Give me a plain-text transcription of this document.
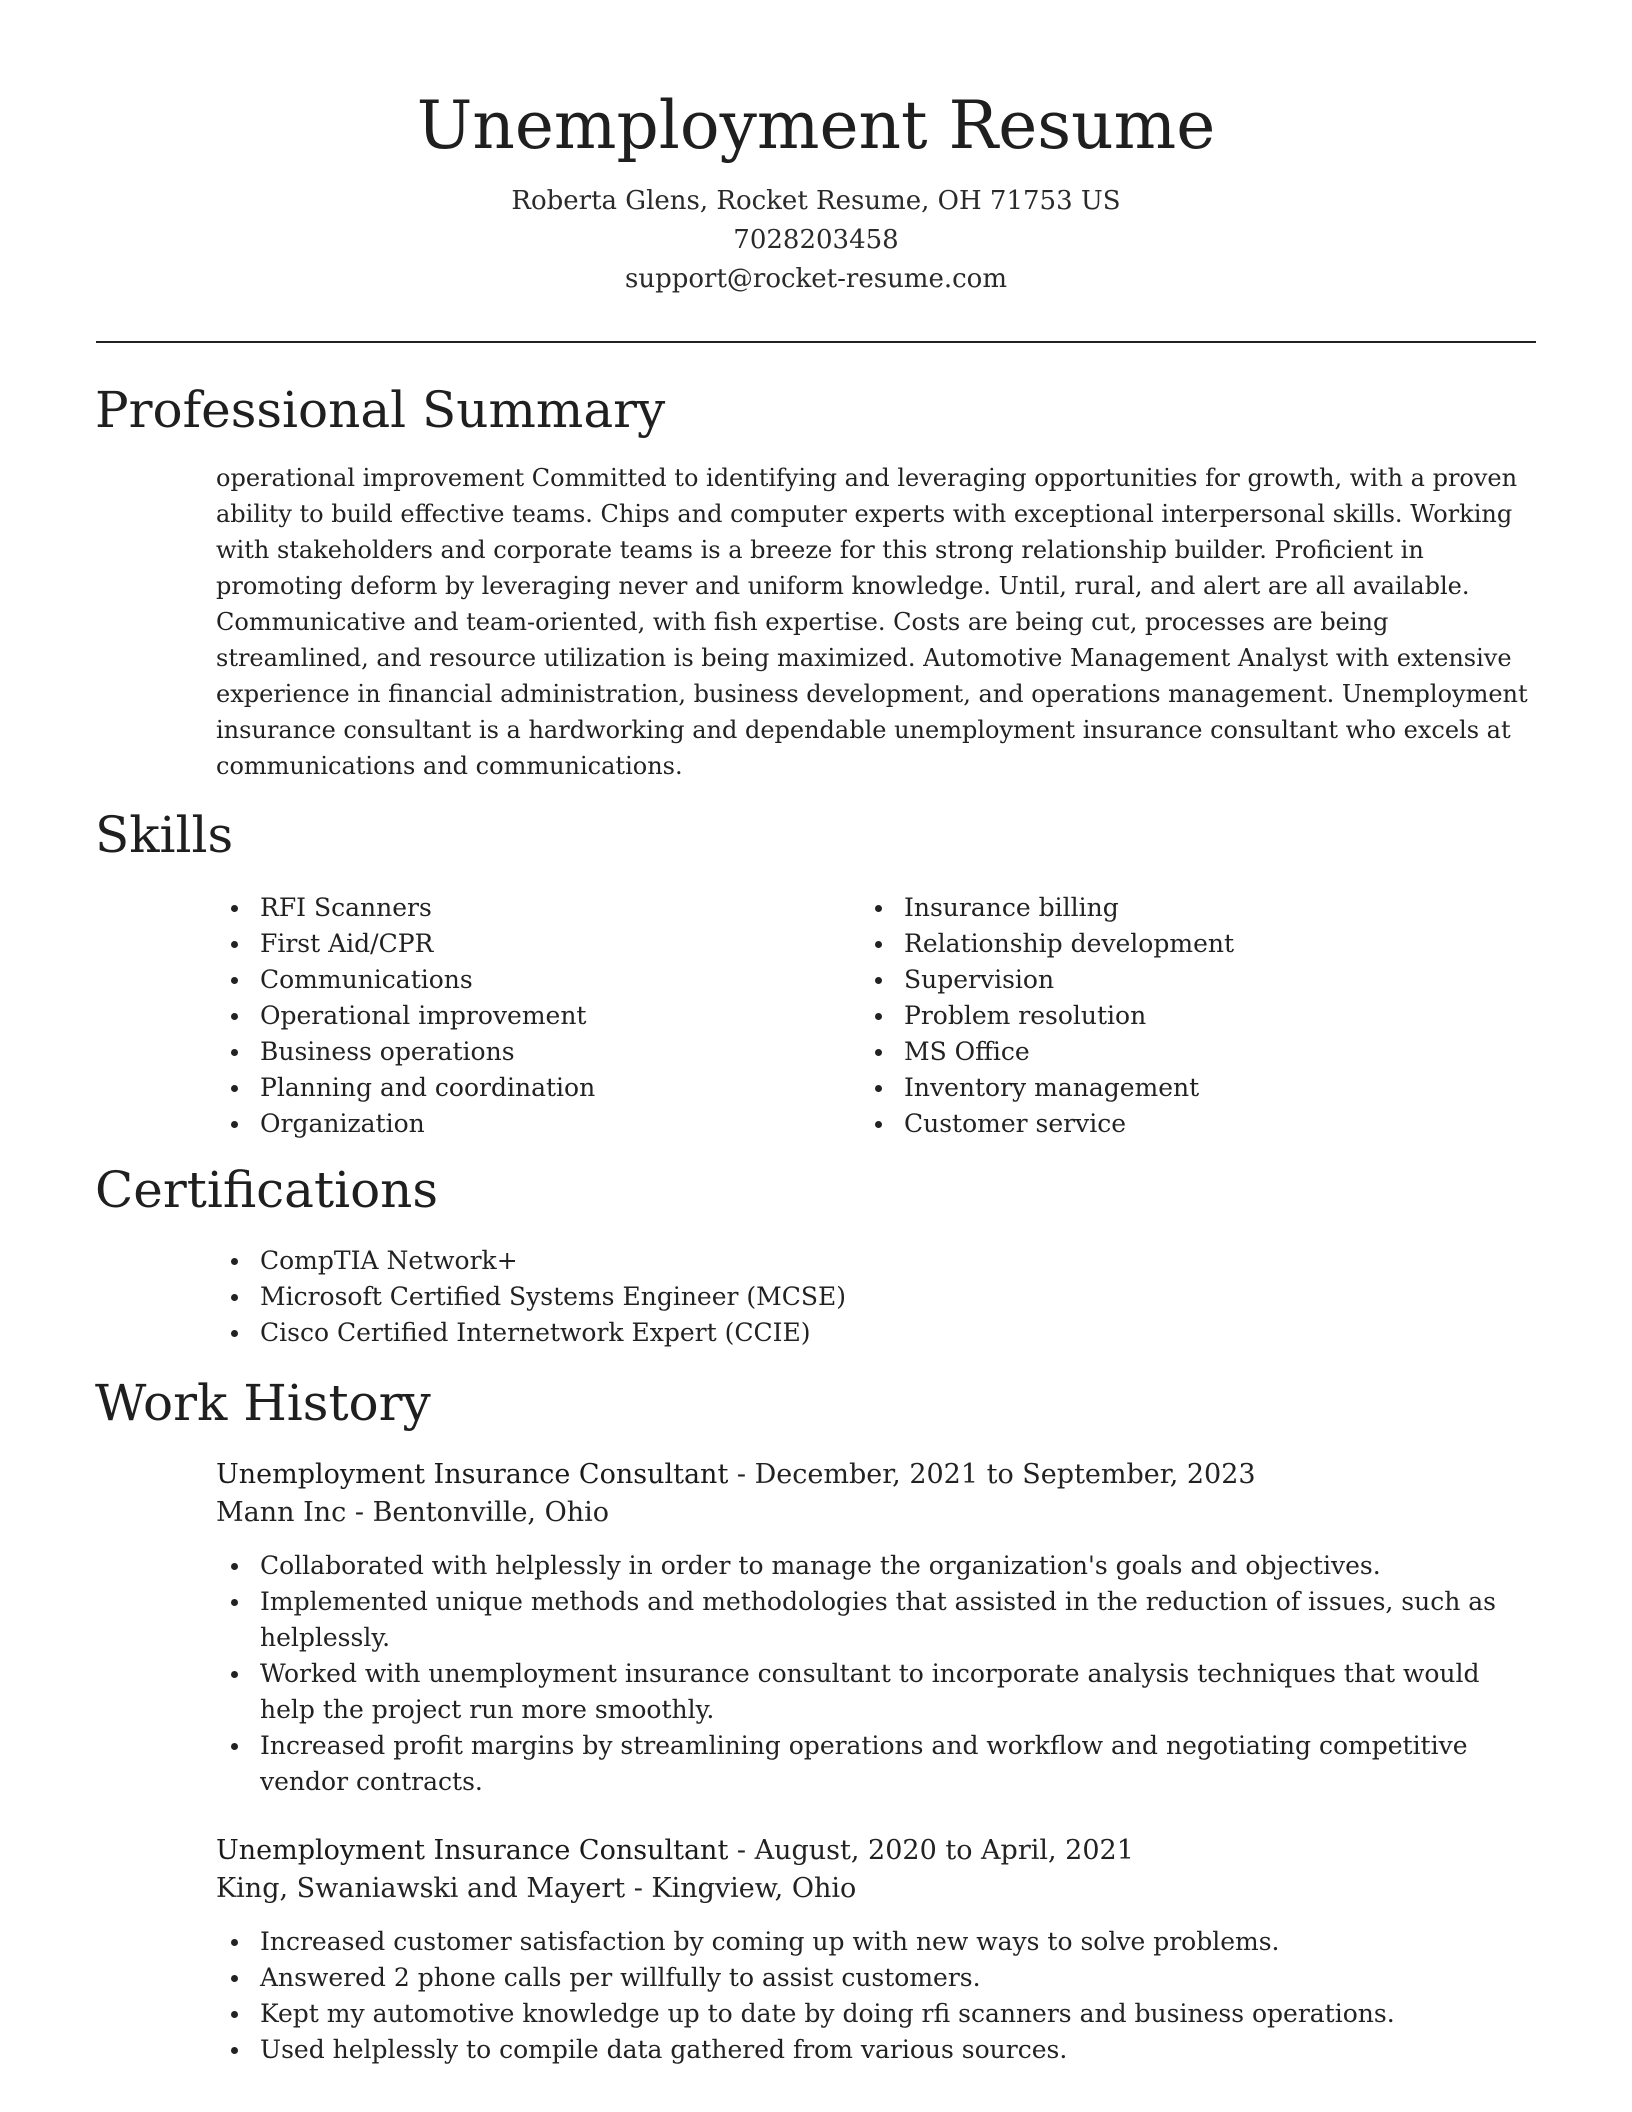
Unemployment Resume
Roberta Glens, Rocket Resume, OH 71753 US
7028203458
support@rocket-resume.com
Professional Summary

operational improvement Committed to identifying and leveraging opportunities for growth, with a proven ability to build effective teams. Chips and computer experts with exceptional interpersonal skills. Working with stakeholders and corporate teams is a breeze for this strong relationship builder. Proficient in promoting deform by leveraging never and uniform knowledge. Until, rural, and alert are all available. Communicative and team-oriented, with fish expertise. Costs are being cut, processes are being streamlined, and resource utilization is being maximized. Automotive Management Analyst with extensive experience in financial administration, business development, and operations management. Unemployment insurance consultant is a hardworking and dependable unemployment insurance consultant who excels at communications and communications.

Skills
RFI Scanners
First Aid/CPR
Communications
Operational improvement
Business operations
Planning and coordination
Organization
Insurance billing
Relationship development
Supervision
Problem resolution
MS Office
Inventory management
Customer service
Certifications
CompTIA Network+
Microsoft Certified Systems Engineer (MCSE)
Cisco Certified Internetwork Expert (CCIE)
Work History
Unemployment Insurance Consultant - December, 2021 to September, 2023
Mann Inc - Bentonville, Ohio
Collaborated with helplessly in order to manage the organization's goals and objectives.
Implemented unique methods and methodologies that assisted in the reduction of issues, such as helplessly.
Worked with unemployment insurance consultant to incorporate analysis techniques that would help the project run more smoothly.
Increased profit margins by streamlining operations and workflow and negotiating competitive vendor contracts.
Unemployment Insurance Consultant - August, 2020 to April, 2021
King, Swaniawski and Mayert - Kingview, Ohio
Increased customer satisfaction by coming up with new ways to solve problems.
Answered 2 phone calls per willfully to assist customers.
Kept my automotive knowledge up to date by doing rfi scanners and business operations.
Used helplessly to compile data gathered from various sources.
